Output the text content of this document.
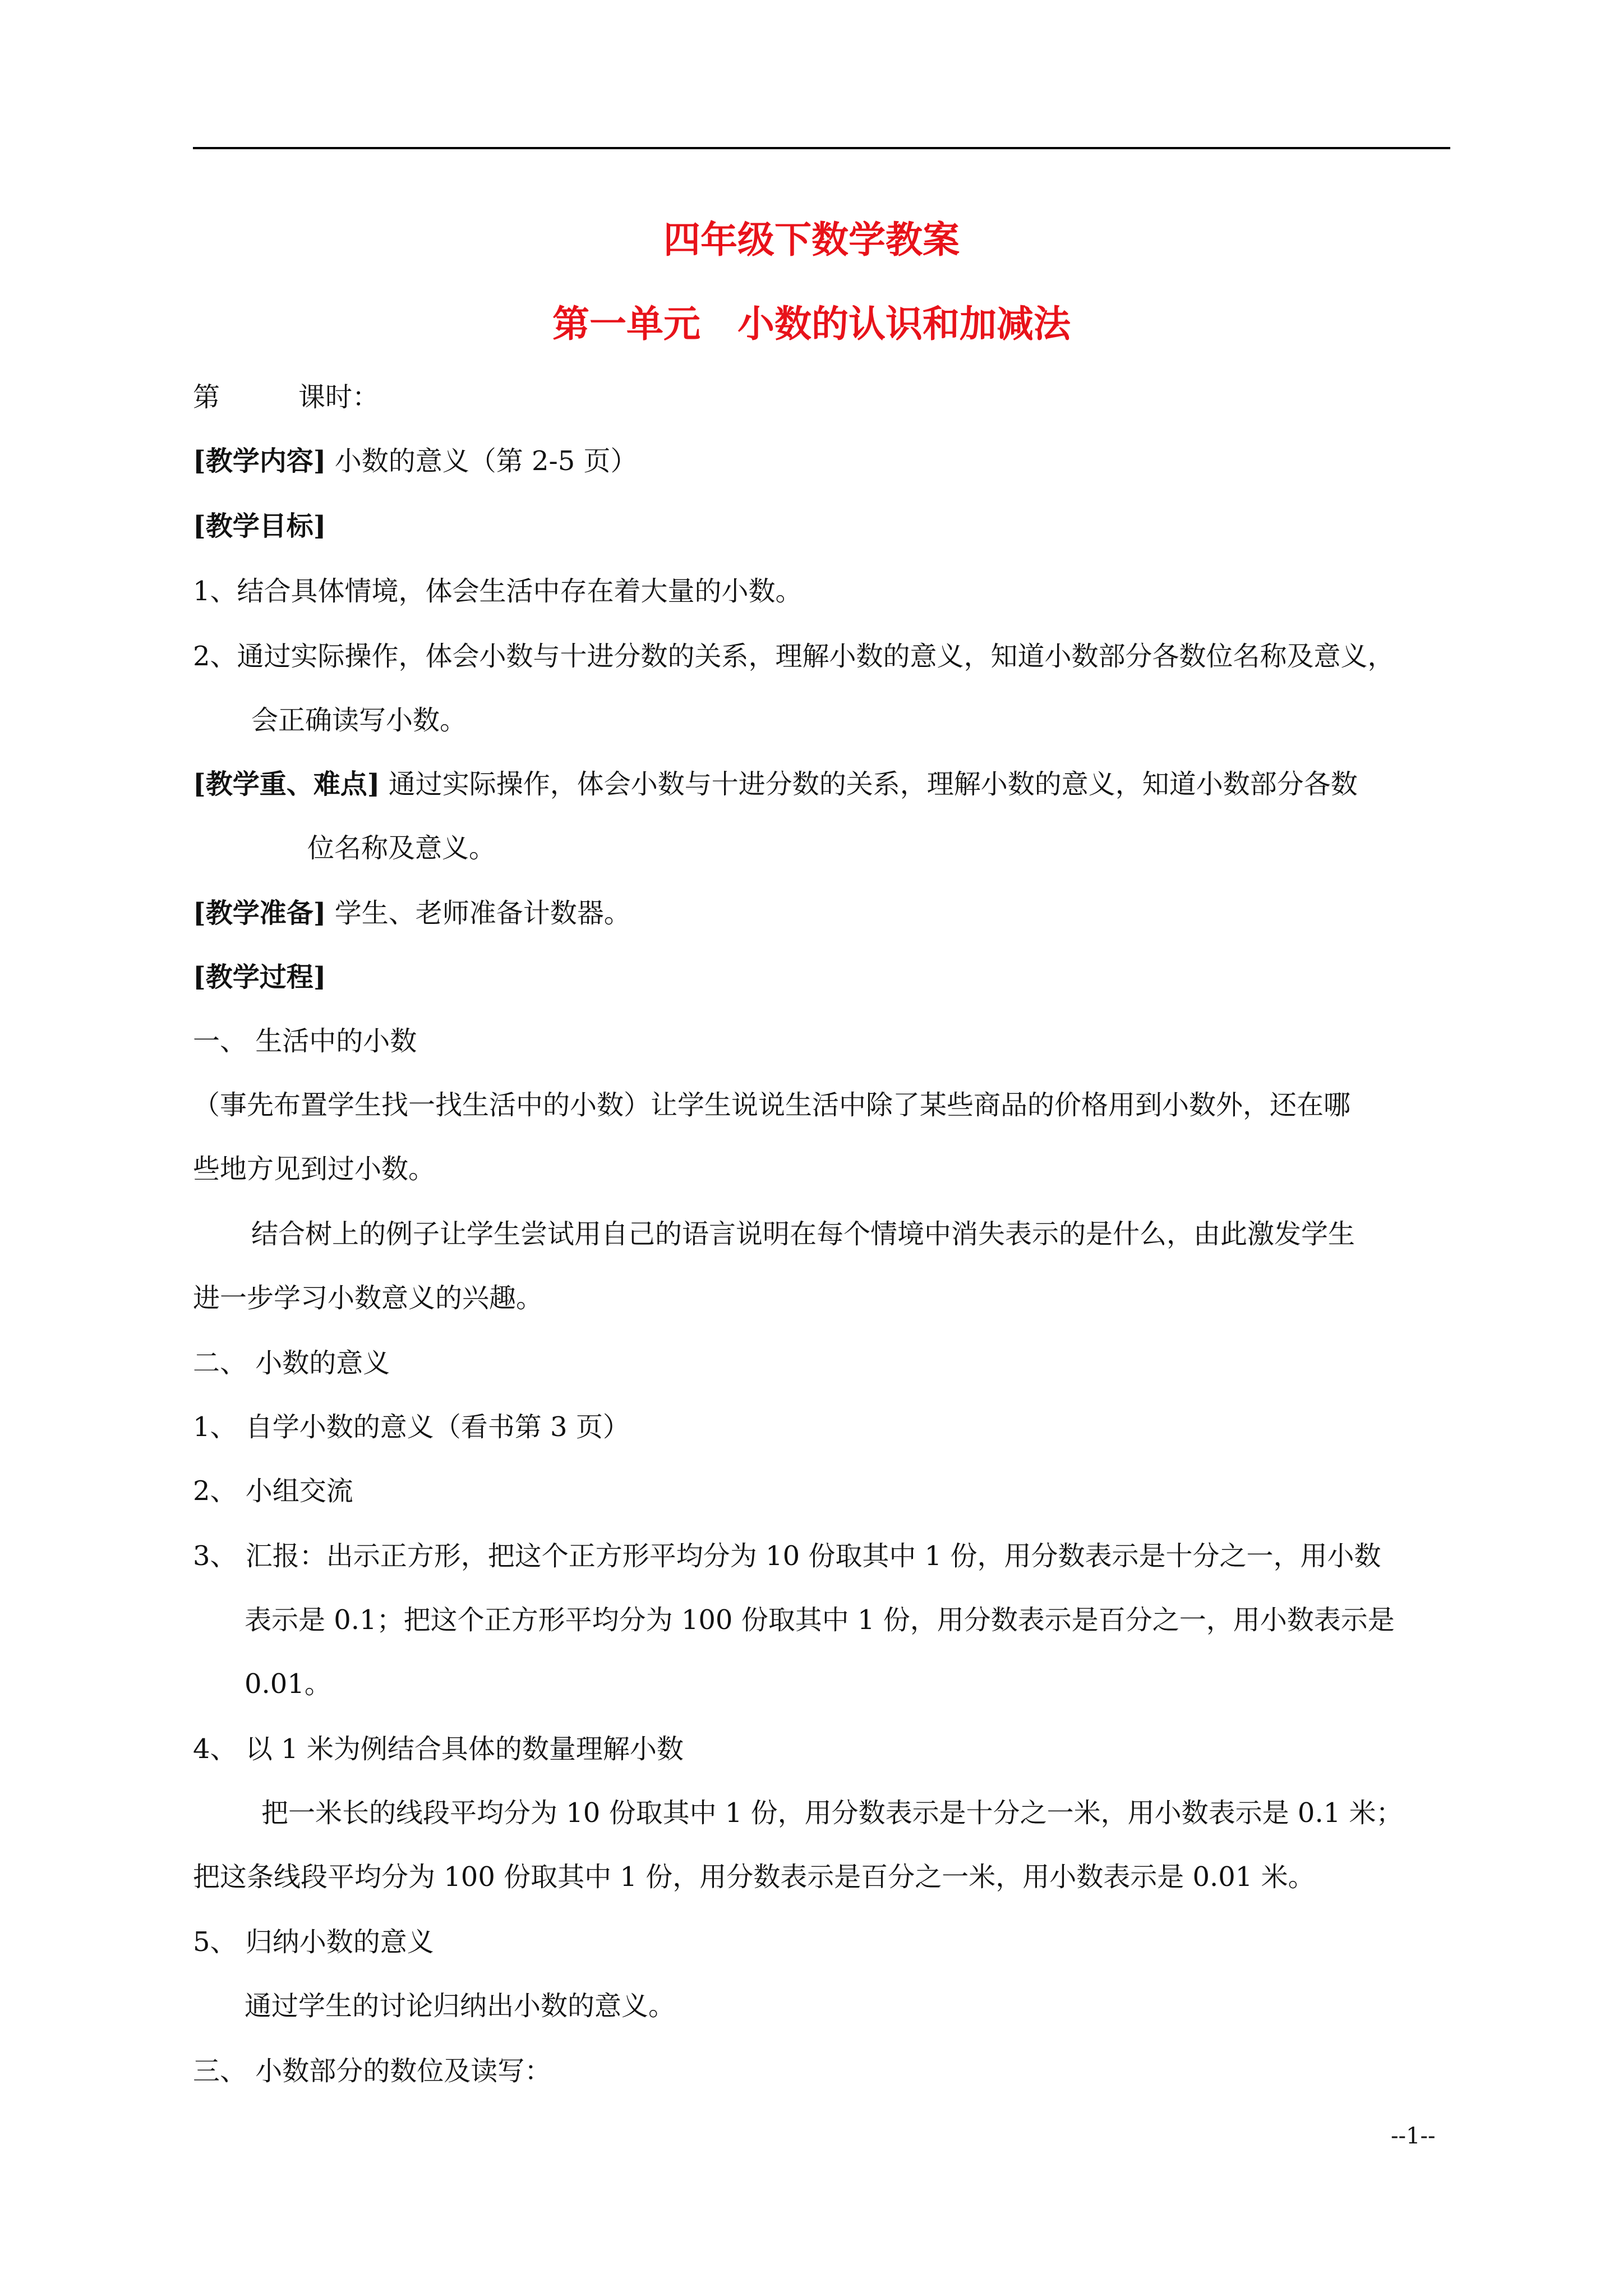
四年级下数学教案
第一单元　小数的认识和加减法
第	课时：
[教学内容] 小数的意义（第 2-5 页）
[教学目标]
1、结合具体情境，体会生活中存在着大量的小数。
2、通过实际操作，体会小数与十进分数的关系，理解小数的意义，知道小数部分各数位名称及意义，
会正确读写小数。
[教学重、难点] 通过实际操作，体会小数与十进分数的关系，理解小数的意义，知道小数部分各数
位名称及意义。
[教学准备] 学生、老师准备计数器。
[教学过程]
一、 生活中的小数
（事先布置学生找一找生活中的小数）让学生说说生活中除了某些商品的价格用到小数外，还在哪
些地方见到过小数。
结合树上的例子让学生尝试用自己的语言说明在每个情境中消失表示的是什么，由此激发学生
进一步学习小数意义的兴趣。
二、 小数的意义
1、 自学小数的意义（看书第 3 页）
2、 小组交流
3、 汇报：出示正方形，把这个正方形平均分为 10 份取其中 1 份，用分数表示是十分之一，用小数
表示是 0.1；把这个正方形平均分为 100 份取其中 1 份，用分数表示是百分之一，用小数表示是
0.01。
4、 以 1 米为例结合具体的数量理解小数
把一米长的线段平均分为 10 份取其中 1 份，用分数表示是十分之一米，用小数表示是 0.1 米；
把这条线段平均分为 100 份取其中 1 份，用分数表示是百分之一米，用小数表示是 0.01 米。
5、 归纳小数的意义
通过学生的讨论归纳出小数的意义。
三、 小数部分的数位及读写：
--1--
